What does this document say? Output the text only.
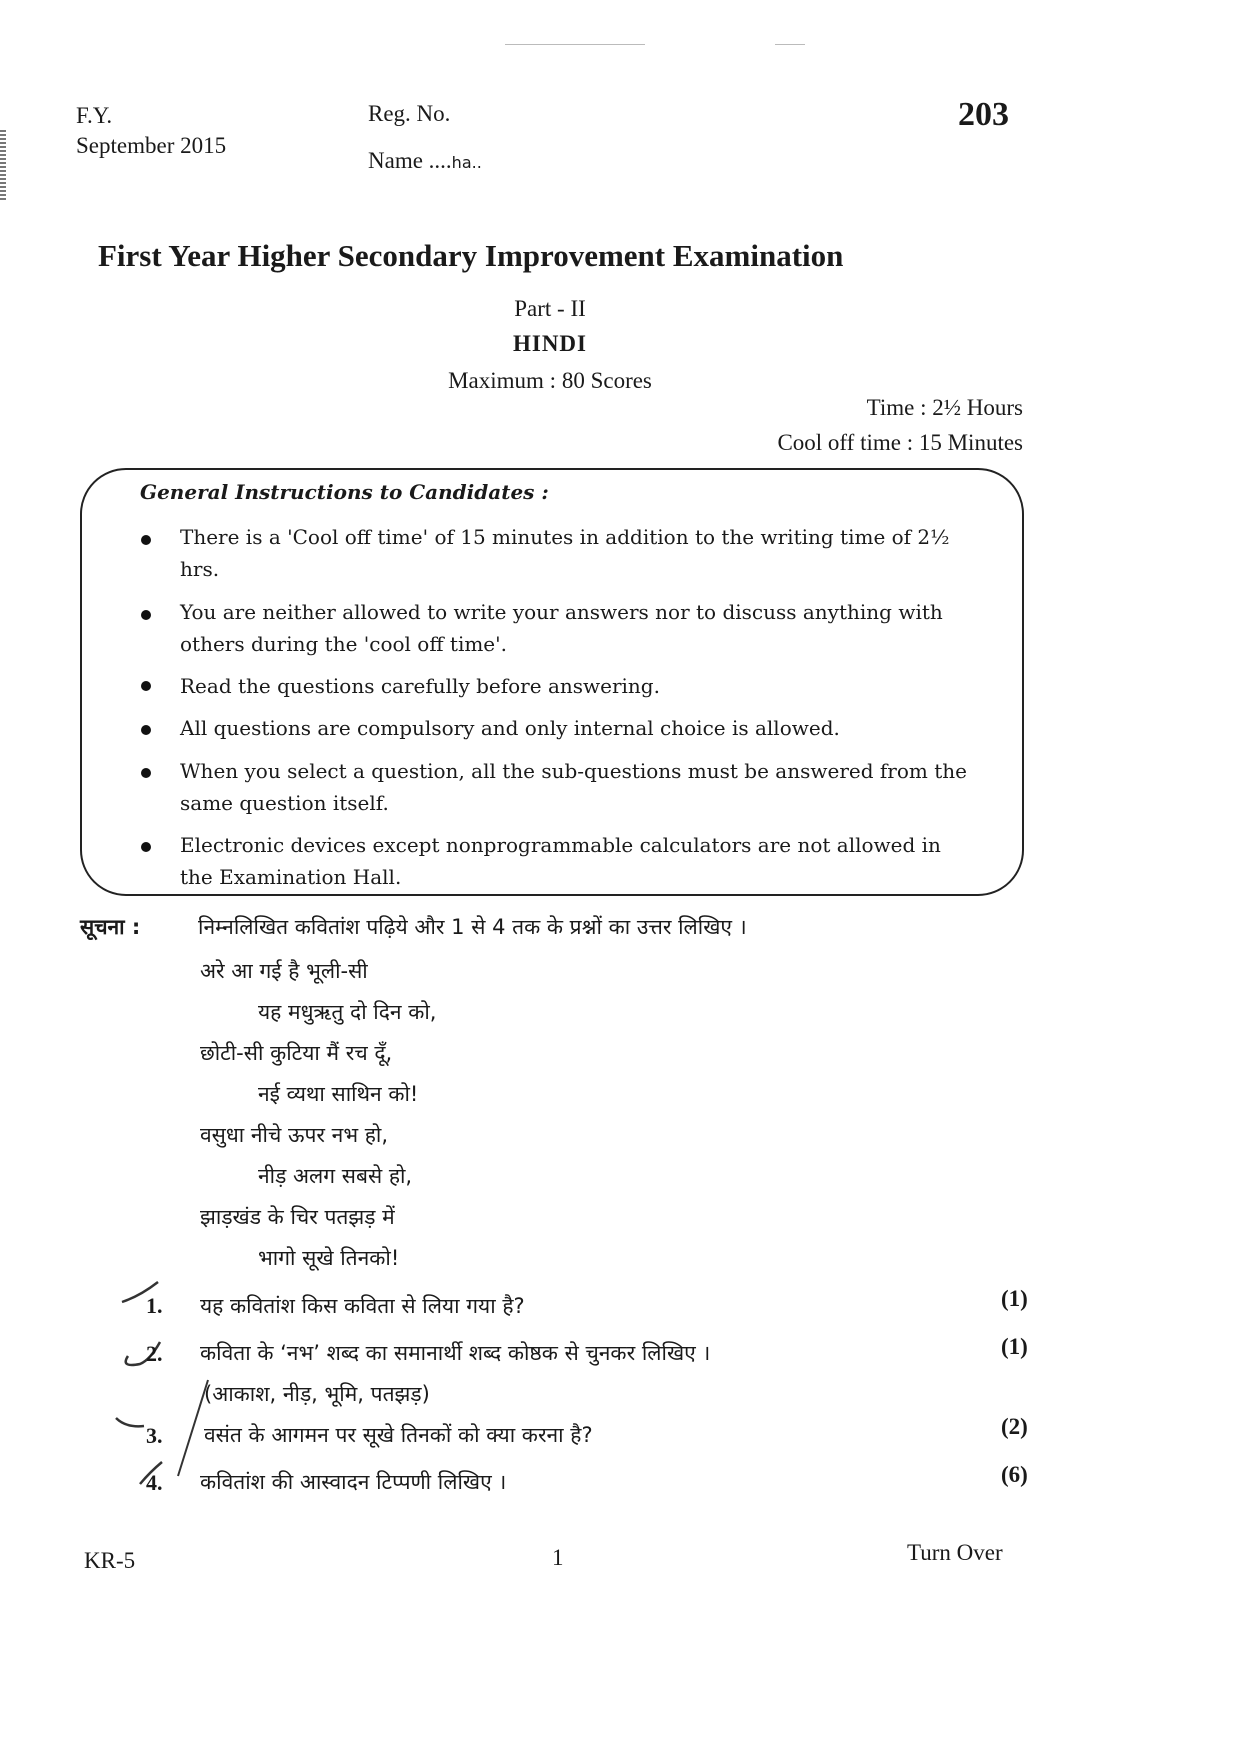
F.Y.
September 2015
Reg. No.
Name ....ha..
203
First Year Higher Secondary Improvement Examination
Part - II
HINDI
Maximum : 80 Scores
Time : 2½ Hours
Cool off time : 15 Minutes
General Instructions to Candidates :
There is a 'Cool off time' of 15 minutes in addition to the writing time of 2½ hrs.
You are neither allowed to write your answers nor to discuss anything with others during the 'cool off time'.
Read the questions carefully before answering.
All questions are compulsory and only internal choice is allowed.
When you select a question, all the sub-questions must be answered from the same question itself.
Electronic devices except nonprogrammable calculators are not allowed in the Examination Hall.
सूचना :	निम्नलिखित कवितांश पढ़िये और 1 से 4 तक के प्रश्नों का उत्तर लिखिए ।
अरे आ गई है भूली-सी
यह मधुऋतु दो दिन को,
छोटी-सी कुटिया मैं रच दूँ,
नई व्यथा साथिन को!
वसुधा नीचे ऊपर नभ हो,
नीड़ अलग सबसे हो,
झाड़खंड के चिर पतझड़ में
भागो सूखे तिनको!
1. यह कवितांश किस कविता से लिया गया है?	(1)
2. कविता के ‘नभ’ शब्द का समानार्थी शब्द कोष्ठक से चुनकर लिखिए ।	(1)
(आकाश, नीड़, भूमि, पतझड़)
3. वसंत के आगमन पर सूखे तिनकों को क्या करना है?	(2)
4. कवितांश की आस्वादन टिप्पणी लिखिए ।	(6)
KR-5	1	Turn Over
